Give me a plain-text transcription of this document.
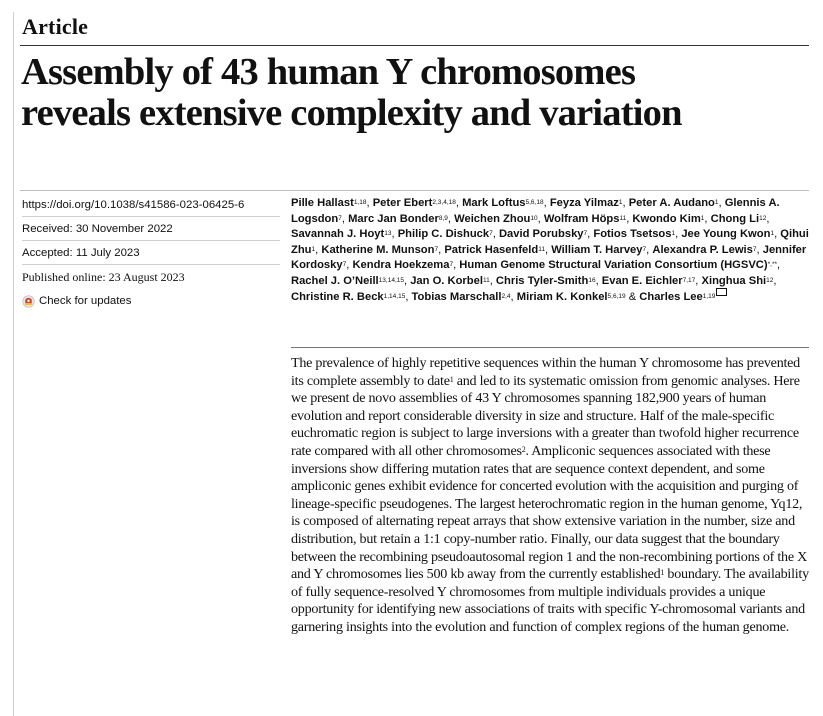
Article
Assembly of 43 human Y chromosomes
reveals extensive complexity and variation
https://doi.org/10.1038/s41586-023-06425-6
Received: 30 November 2022
Accepted: 11 July 2023
Published online: 23 August 2023
Check for updates

Pille Hallast$^{1,18}$, Peter Ebert$^{2,3,4,18}$, Mark Loftus$^{5,6,18}$, Feyza Yilmaz$^1$, Peter A. Audano$^1$, Glennis A. Logsdon$^7$, Marc Jan Bonder$^{8,9}$, Weichen Zhou$^{10}$, Wolfram Höps$^{11}$, Kwondo Kim$^1$, Chong Li$^{12}$, Savannah J. Hoyt$^{13}$, Philip C. Dishuck$^7$, David Porubsky$^7$, Fotios Tsetsos$^1$, Jee Young Kwon$^1$, Qihui Zhu$^1$, Katherine M. Munson$^7$, Patrick Hasenfeld$^{11}$, William T. Harvey$^7$, Alexandra P. Lewis$^7$, Jennifer Kordosky$^7$, Kendra Hoekzema$^7$, Human Genome Structural Variation Consortium (HGSVC)*,**, Rachel J. O’Neill$^{13,14,15}$, Jan O. Korbel$^{11}$, Chris Tyler-Smith$^{16}$, Evan E. Eichler$^{7,17}$, Xinghua Shi$^{12}$, Christine R. Beck$^{1,14,15}$, Tobias Marschall$^{2,4}$, Miriam K. Konkel$^{5,6,19}$ & Charles Lee$^{1,19}$

The prevalence of highly repetitive sequences within the human Y chromosome has prevented its complete assembly to date$^1$ and led to its systematic omission from genomic analyses. Here we present de novo assemblies of 43 Y chromosomes spanning 182,900 years of human evolution and report considerable diversity in size and structure. Half of the male-specific euchromatic region is subject to large inversions with a greater than twofold higher recurrence rate compared with all other chromosomes$^2$. Ampliconic sequences associated with these inversions show differing mutation rates that are sequence context dependent, and some ampliconic genes exhibit evidence for concerted evolution with the acquisition and purging of lineage-specific pseudogenes. The largest heterochromatic region in the human genome, Yq12, is composed of alternating repeat arrays that show extensive variation in the number, size and distribution, but retain a 1:1 copy-number ratio. Finally, our data suggest that the boundary between the recombining pseudoautosomal region 1 and the non-recombining portions of the X and Y chromosomes lies 500 kb away from the currently established$^1$ boundary. The availability of fully sequence-resolved Y chromosomes from multiple individuals provides a unique opportunity for identifying new associations of traits with specific Y-chromosomal variants and garnering insights into the evolution and function of complex regions of the human genome.
